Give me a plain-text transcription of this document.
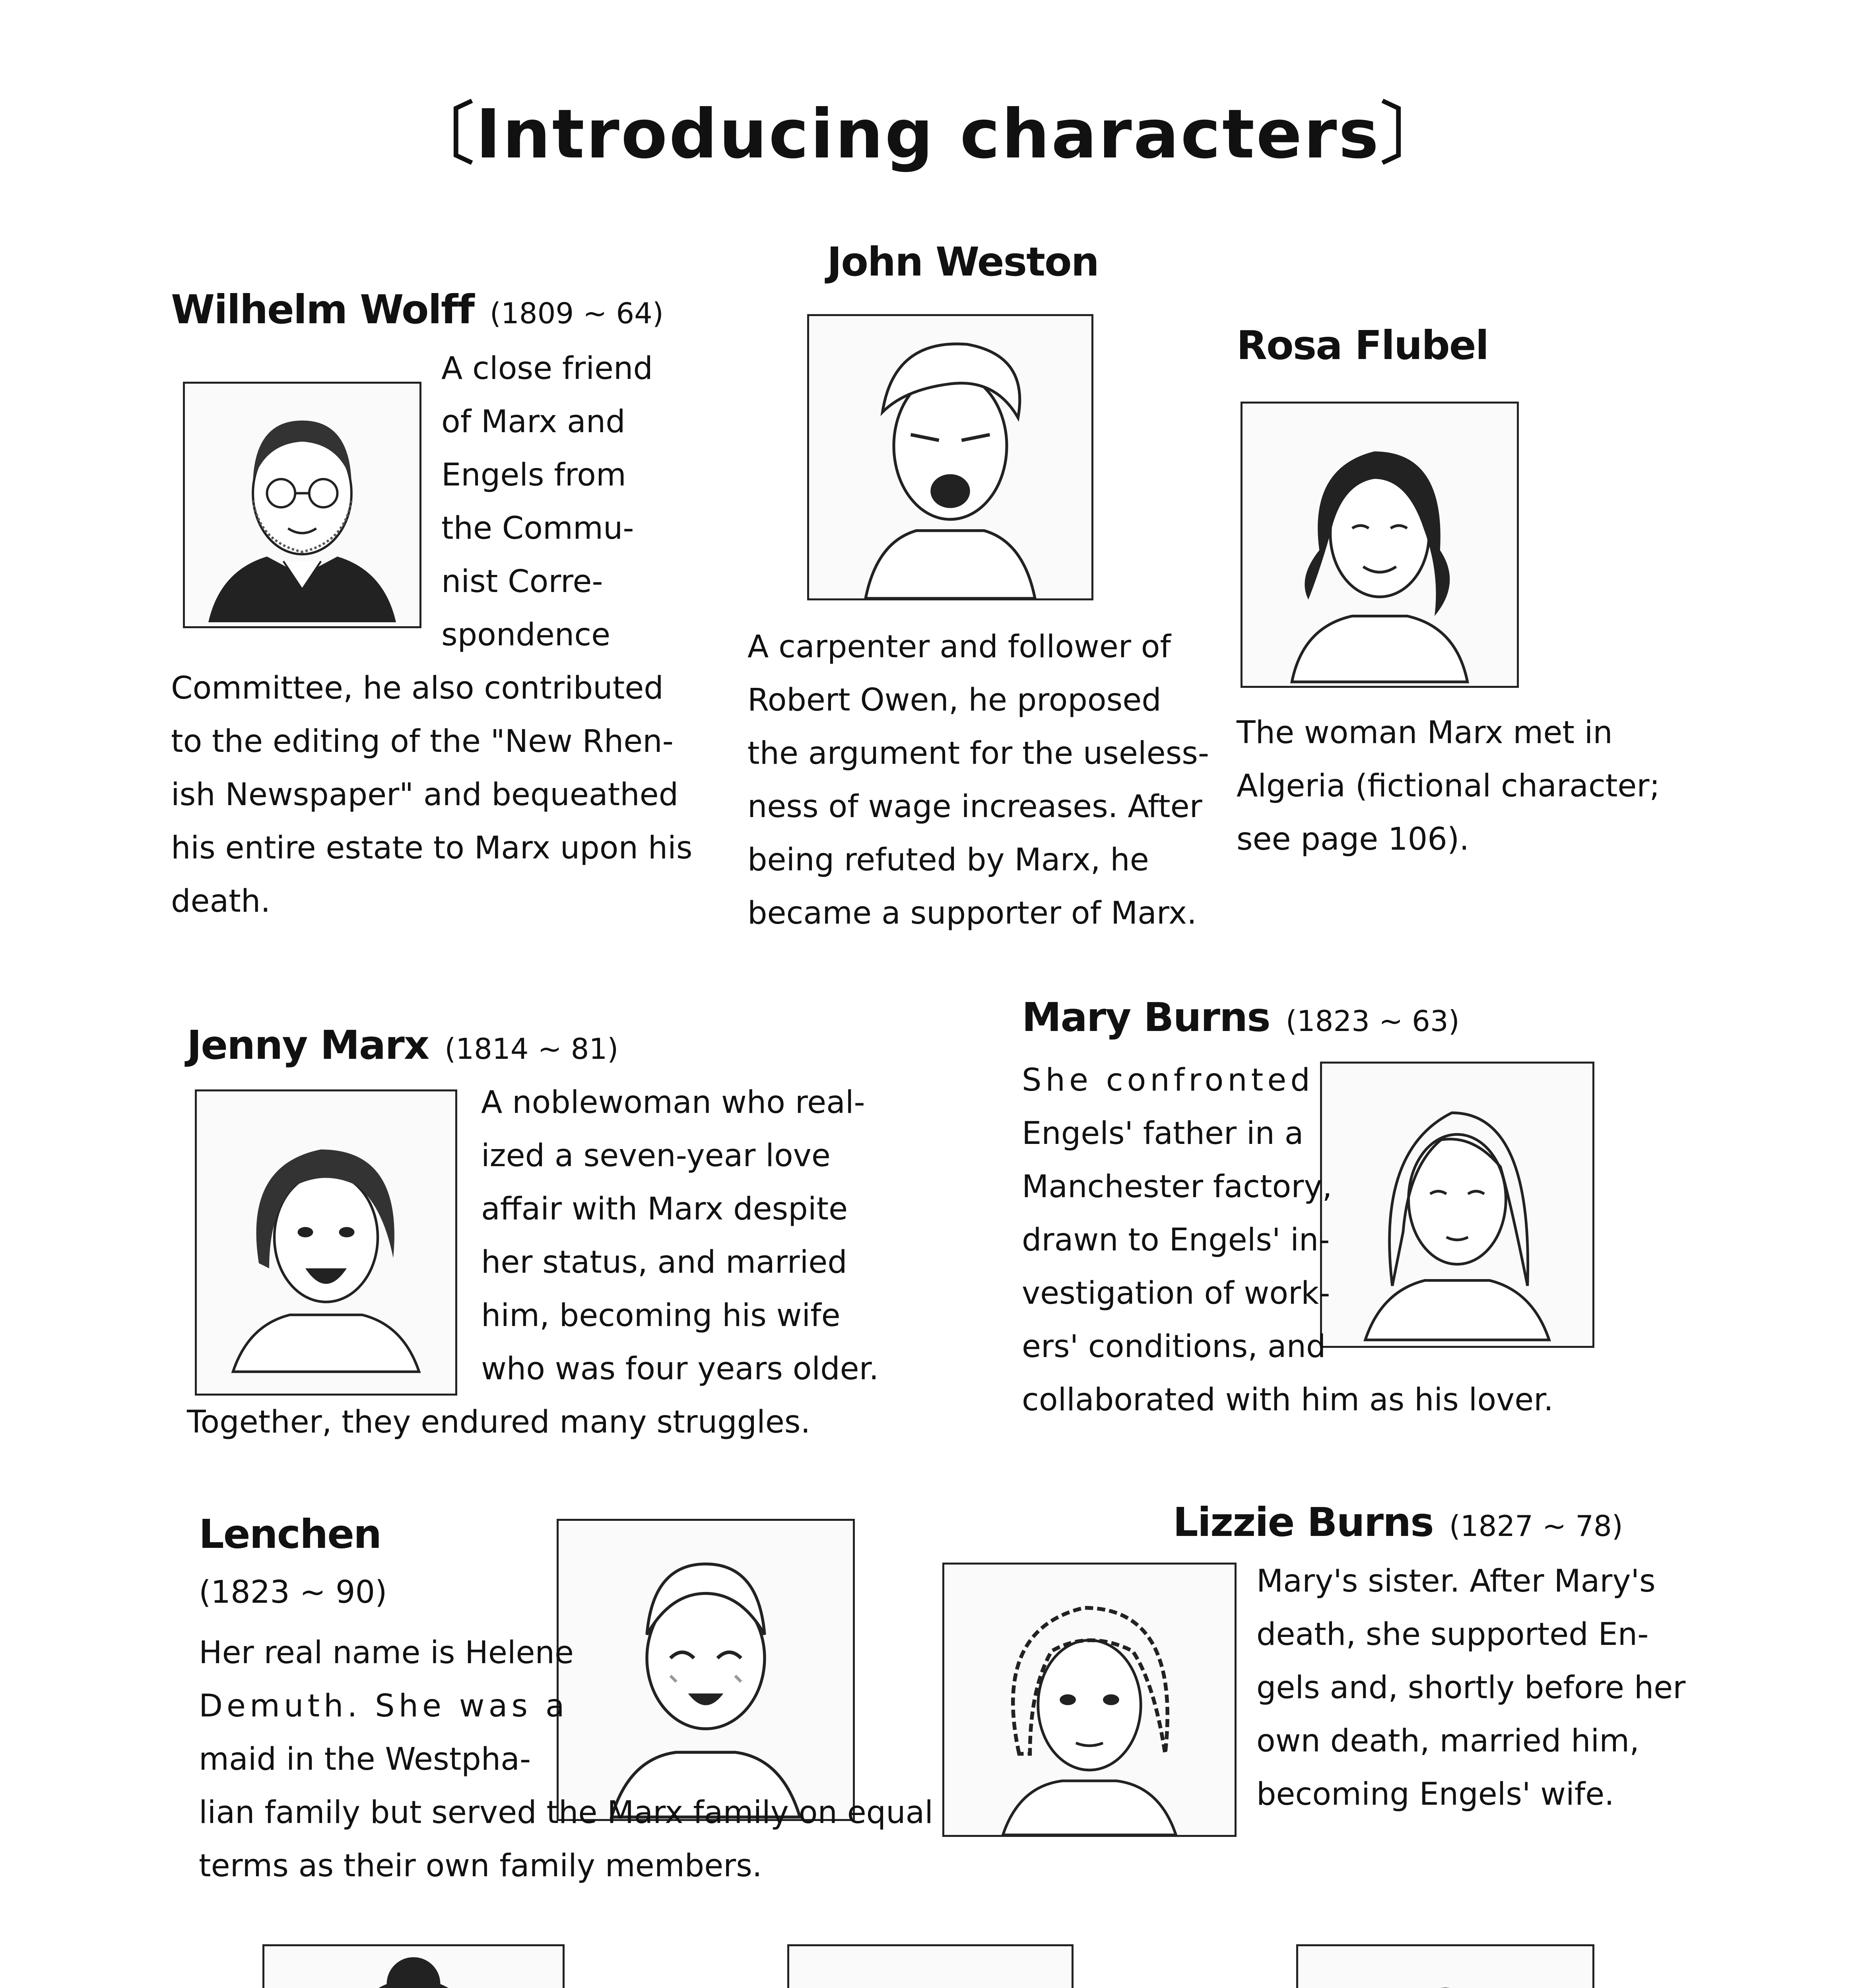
〔Introducing characters〕
Wilhelm Wolff (1809 ~ 64)
A close friend
of Marx and
Engels from
the Commu-
nist Corre-
spondence
Committee, he also contributed
to the editing of the "New Rhen-
ish Newspaper" and bequeathed
his entire estate to Marx upon his
death.
John Weston
A carpenter and follower of
Robert Owen, he proposed
the argument for the useless-
ness of wage increases. After
being refuted by Marx, he
became a supporter of Marx.
Rosa Flubel
The woman Marx met in
Algeria (fictional character;
see page 106).
Jenny Marx (1814 ~ 81)
A noblewoman who real-
ized a seven-year love
affair with Marx despite
her status, and married
him, becoming his wife
who was four years older.
Together, they endured many struggles.
Mary Burns (1823 ~ 63)
She confronted
Engels' father in a
Manchester factory,
drawn to Engels' in-
vestigation of work-
ers' conditions, and
collaborated with him as his lover.
Lenchen
(1823 ~ 90)
Her real name is Helene
Demuth. She was a
maid in the Westpha-
lian family but served the Marx family on equal
terms as their own family members.
Lizzie Burns (1827 ~ 78)
Mary's sister. After Mary's
death, she supported En-
gels and, shortly before her
own death, married him,
becoming Engels' wife.
